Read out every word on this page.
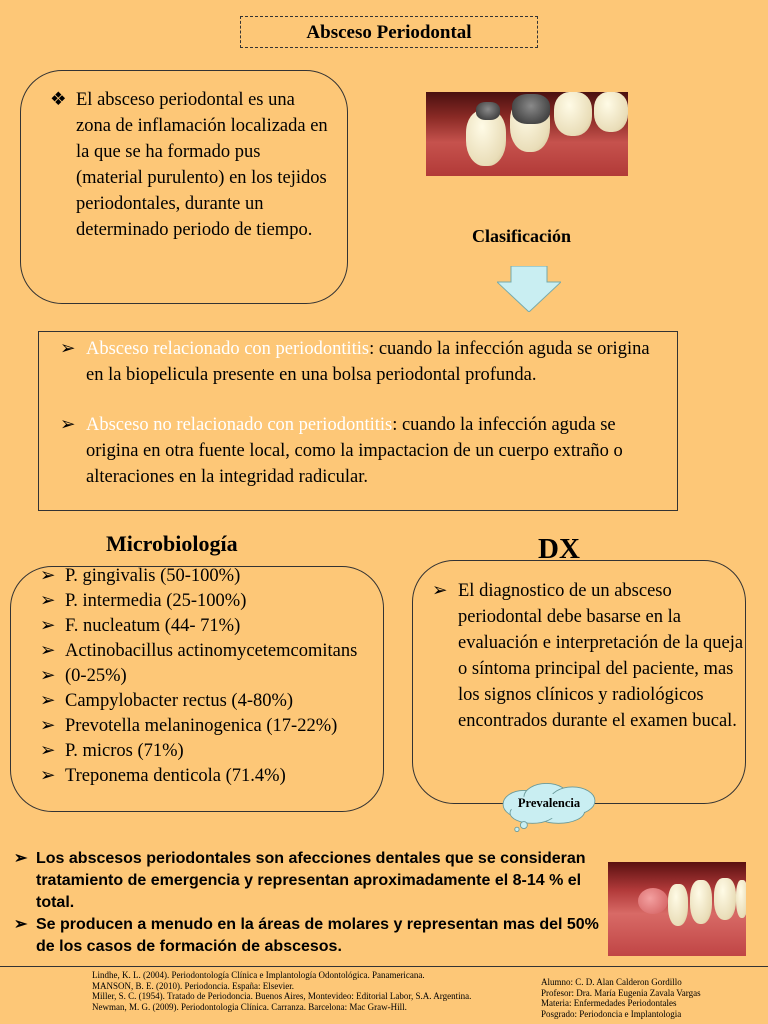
Absceso Periodontal
❖ El absceso periodontal es una zona de inflamación localizada en la que se ha formado pus (material purulento) en los tejidos periodontales, durante un determinado periodo de tiempo.	Clasificación
➢ Absceso relacionado con periodontitis: cuando la infección aguda se origina en la biopelicula presente en una bolsa periodontal profunda.
➢ Absceso no relacionado con periodontitis: cuando la infección aguda se origina en otra fuente local, como la impactacion de un cuerpo extraño o alteraciones en la integridad radicular.
Microbiología
➢ P. gingivalis (50-100%)
➢ P. intermedia (25-100%)
➢ F. nucleatum (44- 71%)
➢ Actinobacillus actinomycetemcomitans
➢ (0-25%)
➢ Campylobacter rectus (4-80%)
➢ Prevotella melaninogenica (17-22%)
➢ P. micros (71%)
➢ Treponema denticola (71.4%)
DX
➢ El diagnostico de un absceso periodontal debe basarse en la evaluación e interpretación de la queja o síntoma principal del paciente, mas los signos clínicos y radiológicos encontrados durante el examen bucal.
Prevalencia
➢ Los abscesos periodontales son afecciones dentales que se consideran tratamiento de emergencia y representan aproximadamente el 8-14 % el total.
➢ Se producen a menudo en la áreas de molares y representan mas del 50% de los casos de formación de abscesos.
Lindhe, K. L. (2004). Periodontología Clínica e Implantología Odontológica. Panamericana.
MANSON, B. E. (2010). Periodoncia. España: Elsevier.
Miller, S. C. (1954). Tratado de Periodoncia. Buenos Aires, Montevideo: Editorial Labor, S.A. Argentina.
Newman, M. G. (2009). Periodontologia Clínica. Carranza. Barcelona: Mac Graw-Hill.
Alumno: C. D. Alan Calderon Gordillo
Profesor: Dra. María Eugenia Zavala Vargas
Materia: Enfermedades Periodontales
Posgrado: Periodoncia e Implantologia
